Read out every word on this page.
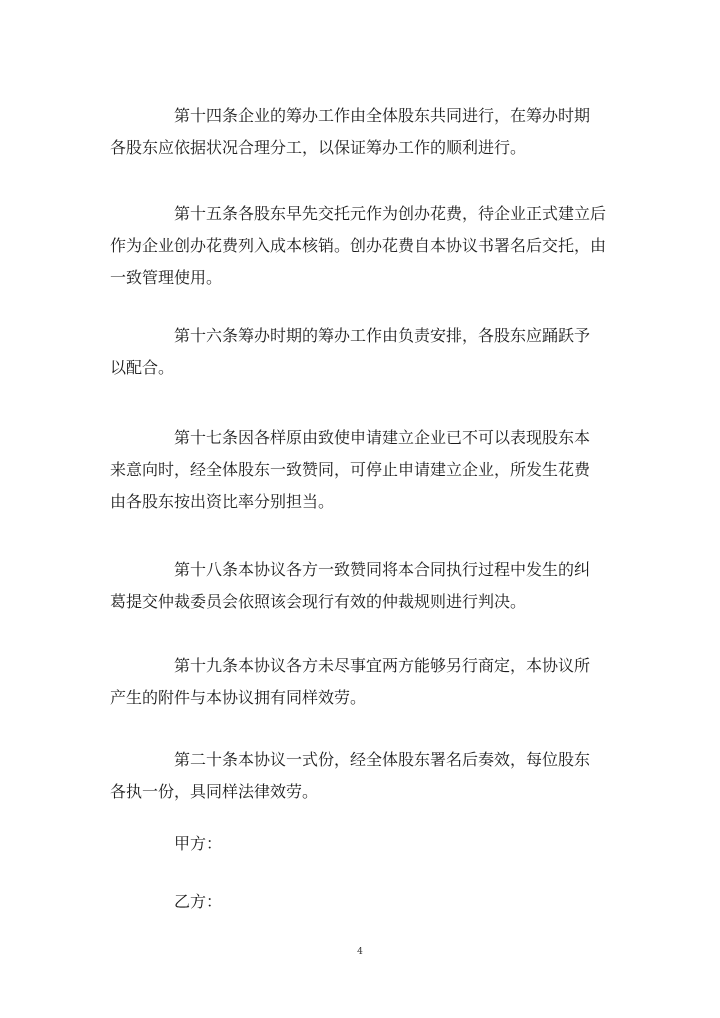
第十四条企业的筹办工作由全体股东共同进行，在筹办时期
各股东应依据状况合理分工，以保证筹办工作的顺利进行。

第十五条各股东早先交托元作为创办花费，待企业正式建立后
作为企业创办花费列入成本核销。创办花费自本协议书署名后交托，由
一致管理使用。

第十六条筹办时期的筹办工作由负责安排，各股东应踊跃予
以配合。

第十七条因各样原由致使申请建立企业已不可以表现股东本
来意向时，经全体股东一致赞同，可停止申请建立企业，所发生花费
由各股东按出资比率分别担当。

第十八条本协议各方一致赞同将本合同执行过程中发生的纠
葛提交仲裁委员会依照该会现行有效的仲裁规则进行判决。

第十九条本协议各方未尽事宜两方能够另行商定，本协议所
产生的附件与本协议拥有同样效劳。

第二十条本协议一式份，经全体股东署名后奏效，每位股东
各执一份，具同样法律效劳。

甲方：

乙方：

4
